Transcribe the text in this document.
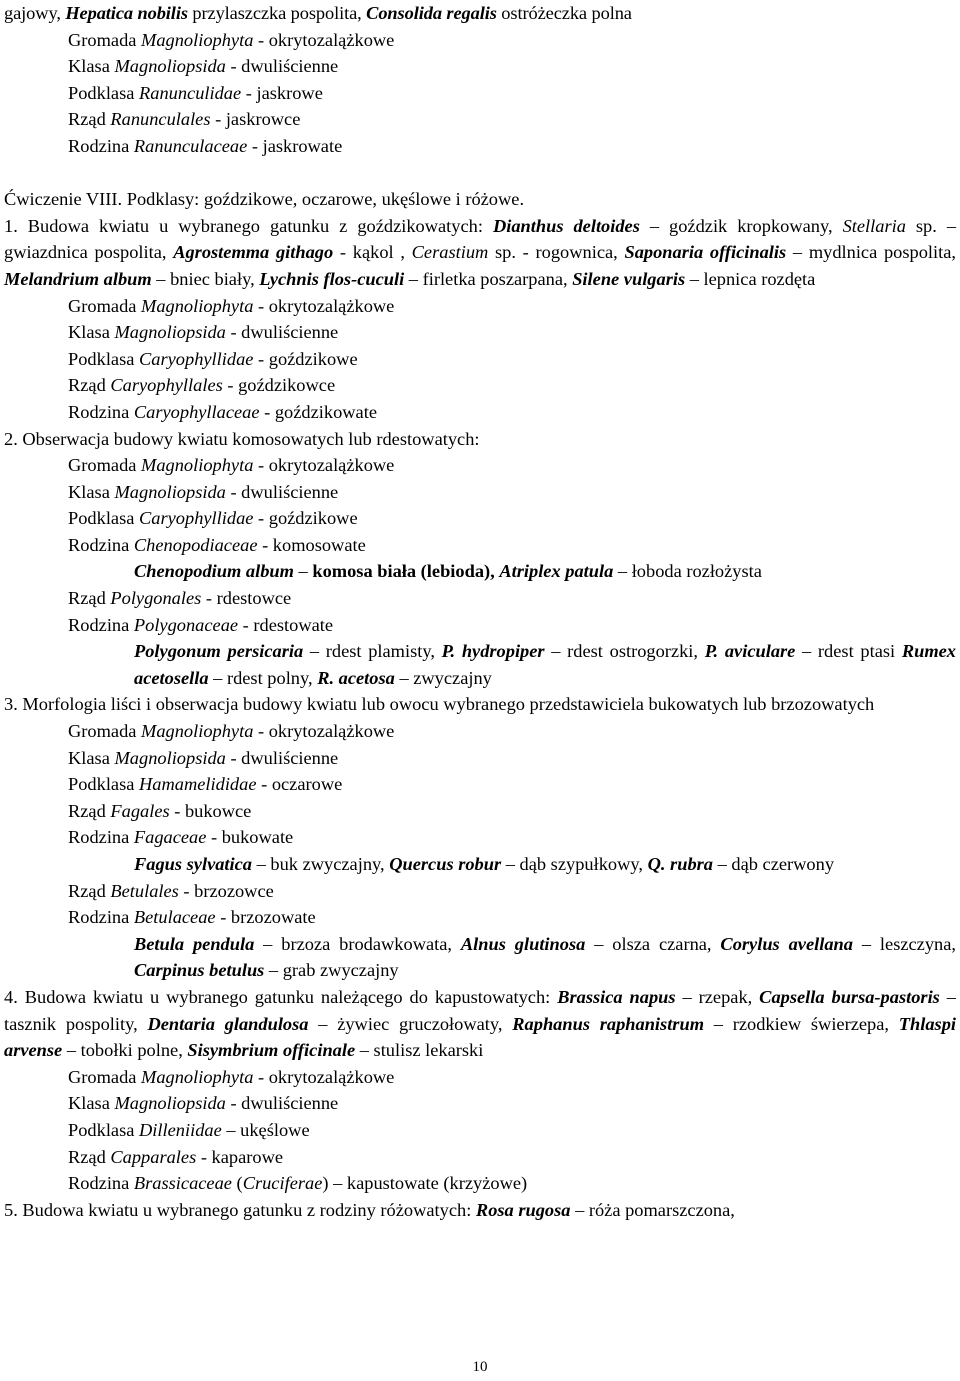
gajowy, Hepatica nobilis przylaszczka pospolita, Consolida regalis ostróżeczka polna
Gromada Magnoliophyta - okrytozalążkowe
Klasa Magnoliopsida - dwuliścienne
Podklasa Ranunculidae - jaskrowe
Rząd Ranunculales - jaskrowce
Rodzina Ranunculaceae - jaskrowate
Ćwiczenie VIII. Podklasy: goździkowe, oczarowe, ukęślowe i różowe.
1. Budowa kwiatu u wybranego gatunku z goździkowatych: Dianthus deltoides – goździk kropkowany, Stellaria sp. – gwiazdnica pospolita, Agrostemma githago - kąkol , Cerastium sp. - rogownica, Saponaria officinalis – mydlnica pospolita, Melandrium album – bniec biały, Lychnis flos-cuculi – firletka poszarpana, Silene vulgaris – lepnica rozdęta
Gromada Magnoliophyta - okrytozalążkowe
Klasa Magnoliopsida - dwuliścienne
Podklasa Caryophyllidae - goździkowe
Rząd Caryophyllales - goździkowce
Rodzina Caryophyllaceae - goździkowate
2. Obserwacja budowy kwiatu komosowatych lub rdestowatych:
Gromada Magnoliophyta - okrytozalążkowe
Klasa Magnoliopsida - dwuliścienne
Podklasa Caryophyllidae - goździkowe
Rodzina Chenopodiaceae - komosowate
Chenopodium album – komosa biała (lebioda), Atriplex patula – łoboda rozłożysta
Rząd Polygonales - rdestowce
Rodzina Polygonaceae - rdestowate
Polygonum persicaria – rdest plamisty, P. hydropiper – rdest ostrogorzki, P. aviculare – rdest ptasi Rumex acetosella – rdest polny, R. acetosa – zwyczajny
3. Morfologia liści i obserwacja budowy kwiatu lub owocu wybranego przedstawiciela bukowatych lub brzozowatych
Gromada Magnoliophyta - okrytozalążkowe
Klasa Magnoliopsida - dwuliścienne
Podklasa Hamamelididae - oczarowe
Rząd Fagales - bukowce
Rodzina Fagaceae - bukowate
Fagus sylvatica – buk zwyczajny, Quercus robur – dąb szypułkowy, Q. rubra – dąb czerwony
Rząd Betulales - brzozowce
Rodzina Betulaceae - brzozowate
Betula pendula – brzoza brodawkowata, Alnus glutinosa – olsza czarna, Corylus avellana – leszczyna, Carpinus betulus – grab zwyczajny
4. Budowa kwiatu u wybranego gatunku należącego do kapustowatych: Brassica napus – rzepak, Capsella bursa-pastoris – tasznik pospolity, Dentaria glandulosa – żywiec gruczołowaty, Raphanus raphanistrum – rzodkiew świerzepa, Thlaspi arvense – tobołki polne, Sisymbrium officinale – stulisz lekarski
Gromada Magnoliophyta - okrytozalążkowe
Klasa Magnoliopsida - dwuliścienne
Podklasa Dilleniidae – ukęślowe
Rząd Capparales - kaparowe
Rodzina Brassicaceae (Cruciferae) – kapustowate (krzyżowe)
5. Budowa kwiatu u wybranego gatunku z rodziny różowatych: Rosa rugosa – róża pomarszczona,
10
